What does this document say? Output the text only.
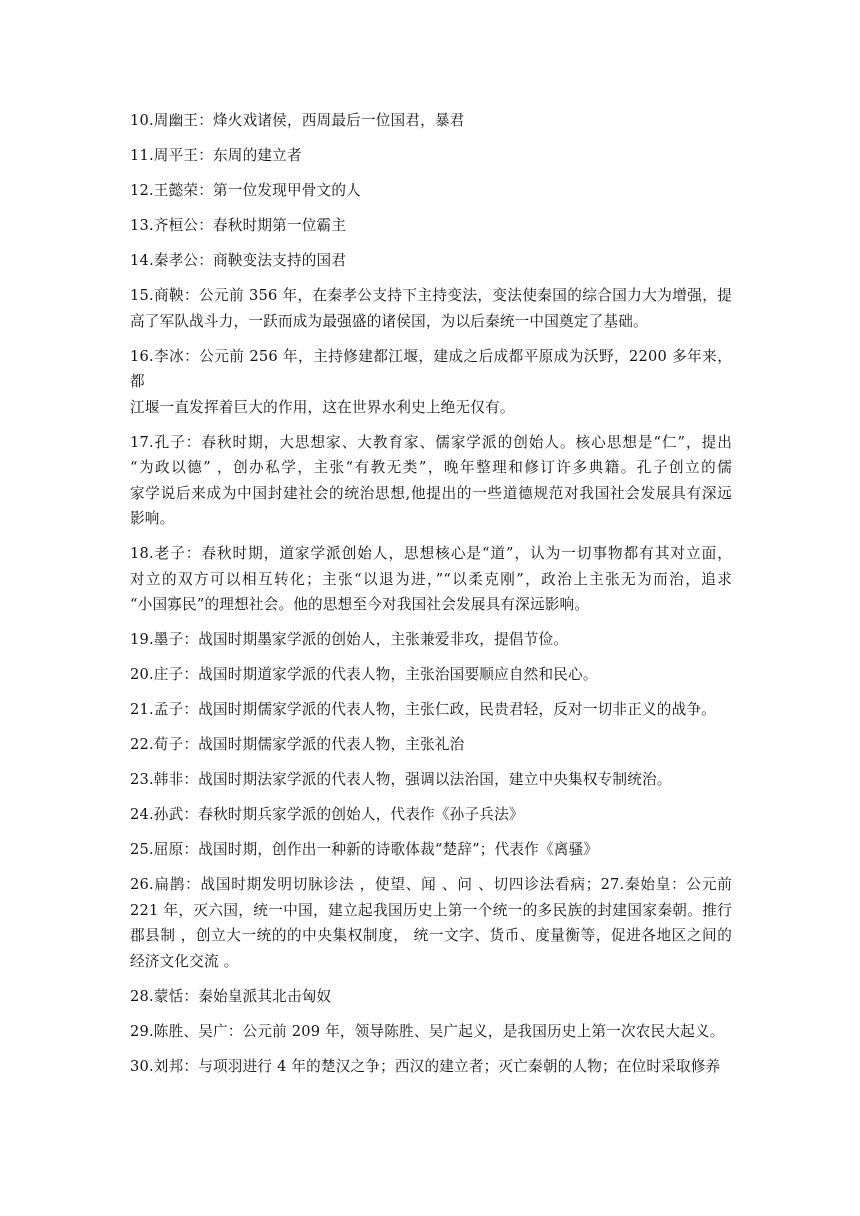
10.周幽王：烽火戏诸侯，西周最后一位国君，暴君
11.周平王：东周的建立者
12.王懿荣：第一位发现甲骨文的人
13.齐桓公：春秋时期第一位霸主
14.秦孝公：商鞅变法支持的国君
15.商鞅：公元前 356 年，在秦孝公支持下主持变法，变法使秦国的综合国力大为增强，提
高了军队战斗力，一跃而成为最强盛的诸侯国，为以后秦统一中国奠定了基础。
16.李冰：公元前 256 年，主持修建都江堰，建成之后成都平原成为沃野，2200 多年来，都
江堰一直发挥着巨大的作用，这在世界水利史上绝无仅有。
17.孔子：春秋时期，大思想家、大教育家、儒家学派的创始人。核心思想是“仁”，提出
“为政以德” ，创办私学，主张“有教无类”，晚年整理和修订许多典籍。孔子创立的儒
家学说后来成为中国封建社会的统治思想,他提出的一些道德规范对我国社会发展具有深远
影响。
18.老子：春秋时期，道家学派创始人，思想核心是“道”，认为一切事物都有其对立面，
对立的双方可以相互转化；主张“以退为进，”“以柔克刚”，政治上主张无为而治，追求
“小国寡民”的理想社会。他的思想至今对我国社会发展具有深远影响。
19.墨子：战国时期墨家学派的创始人，主张兼爱非攻，提倡节俭。
20.庄子：战国时期道家学派的代表人物，主张治国要顺应自然和民心。
21.孟子：战国时期儒家学派的代表人物，主张仁政，民贵君轻，反对一切非正义的战争。
22.荀子：战国时期儒家学派的代表人物，主张礼治
23.韩非：战国时期法家学派的代表人物，强调以法治国，建立中央集权专制统治。
24.孙武：春秋时期兵家学派的创始人，代表作《孙子兵法》
25.屈原：战国时期，创作出一种新的诗歌体裁“楚辞”；代表作《离骚》
26.扁鹊：战国时期发明切脉诊法 ，使望、闻 、问 、切四诊法看病；27.秦始皇：公元前
221 年，灭六国，统一中国，建立起我国历史上第一个统一的多民族的封建国家秦朝。推行
郡县制 ，创立大一统的的中央集权制度， 统一文字、货币、度量衡等，促进各地区之间的
经济文化交流 。
28.蒙恬：秦始皇派其北击匈奴
29.陈胜、吴广：公元前 209 年，领导陈胜、吴广起义，是我国历史上第一次农民大起义。
30.刘邦：与项羽进行 4 年的楚汉之争；西汉的建立者；灭亡秦朝的人物；在位时采取修养
